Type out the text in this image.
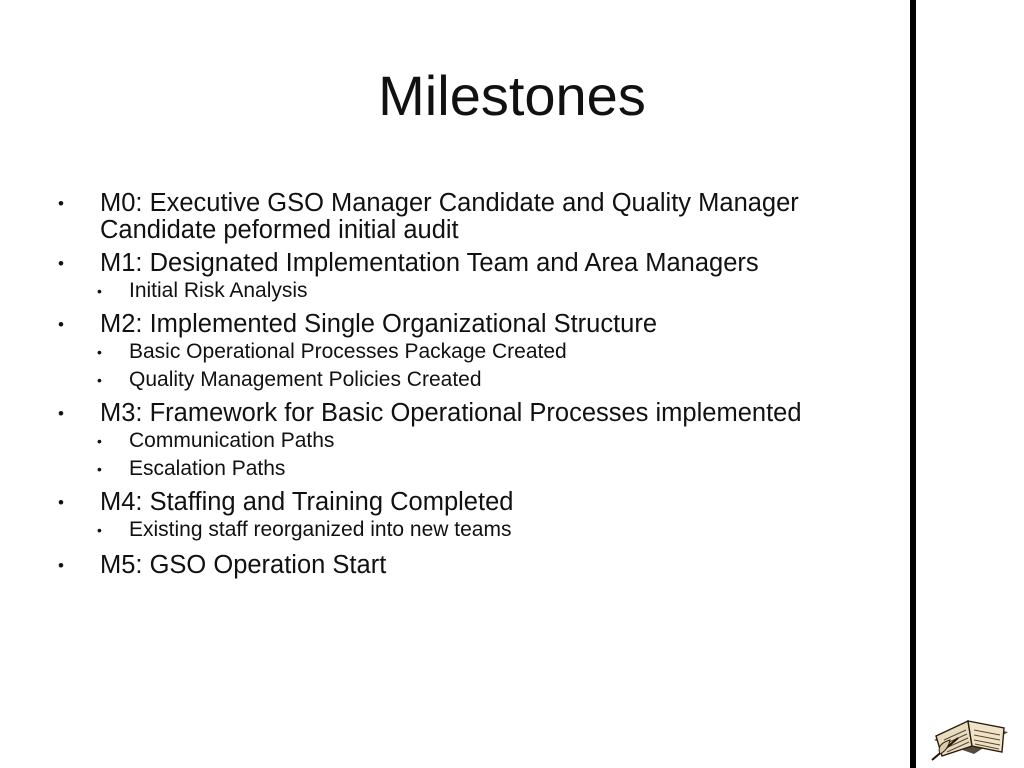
Milestones
• M0: Executive GSO Manager Candidate and Quality Manager Candidate peformed initial audit
• M1: Designated Implementation Team and Area Managers
• Initial Risk Analysis
• M2: Implemented Single Organizational Structure
• Basic Operational Processes Package Created
• Quality Management Policies Created
• M3: Framework for Basic Operational Processes implemented
• Communication Paths
• Escalation Paths
• M4: Staffing and Training Completed
• Existing staff reorganized into new teams
• M5: GSO Operation Start
